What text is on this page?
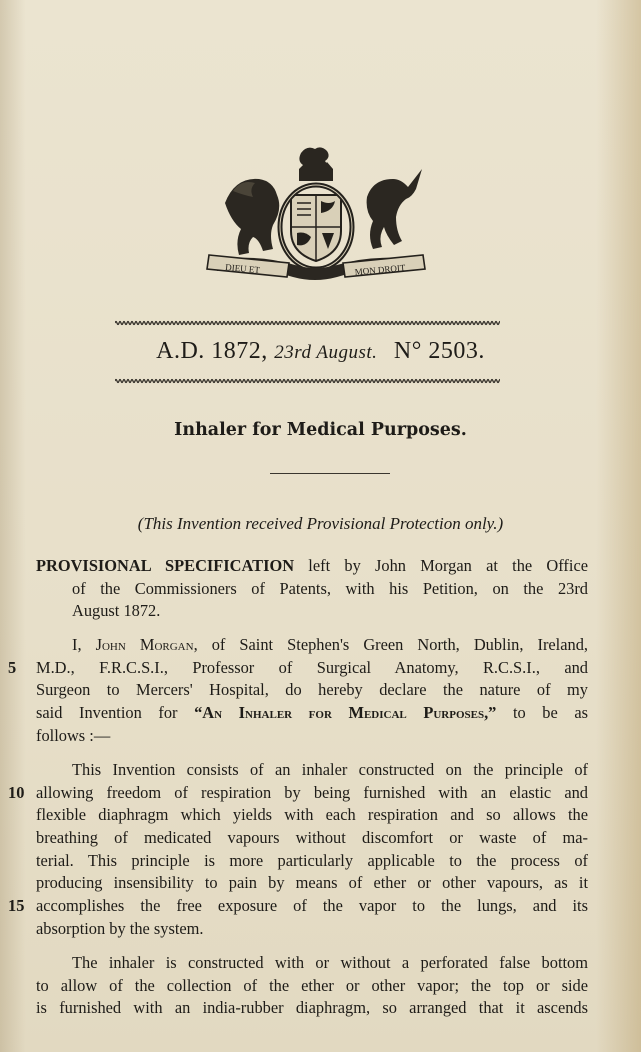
DIEU ET	MON DROIT
A.D. 1872, 23rd August. N° 2503.
Inhaler for Medical Purposes.
(This Invention received Provisional Protection only.)
PROVISIONAL SPECIFICATION left by John Morgan at the Office
of the Commissioners of Patents, with his Petition, on the 23rd
August 1872.
I, John Morgan, of Saint Stephen's Green North, Dublin, Ireland,
5	M.D., F.R.C.S.I., Professor of Surgical Anatomy, R.C.S.I., and
Surgeon to Mercers' Hospital, do hereby declare the nature of my
said Invention for “An Inhaler for Medical Purposes,” to be as
follows :—
This Invention consists of an inhaler constructed on the principle of
10 allowing freedom of respiration by being furnished with an elastic and
flexible diaphragm which yields with each respiration and so allows the
breathing of medicated vapours without discomfort or waste of ma-
terial. This principle is more particularly applicable to the process of
producing insensibility to pain by means of ether or other vapours, as it
15 accomplishes the free exposure of the vapor to the lungs, and its
absorption by the system.
The inhaler is constructed with or without a perforated false bottom
to allow of the collection of the ether or other vapor; the top or side
is furnished with an india-rubber diaphragm, so arranged that it ascends
